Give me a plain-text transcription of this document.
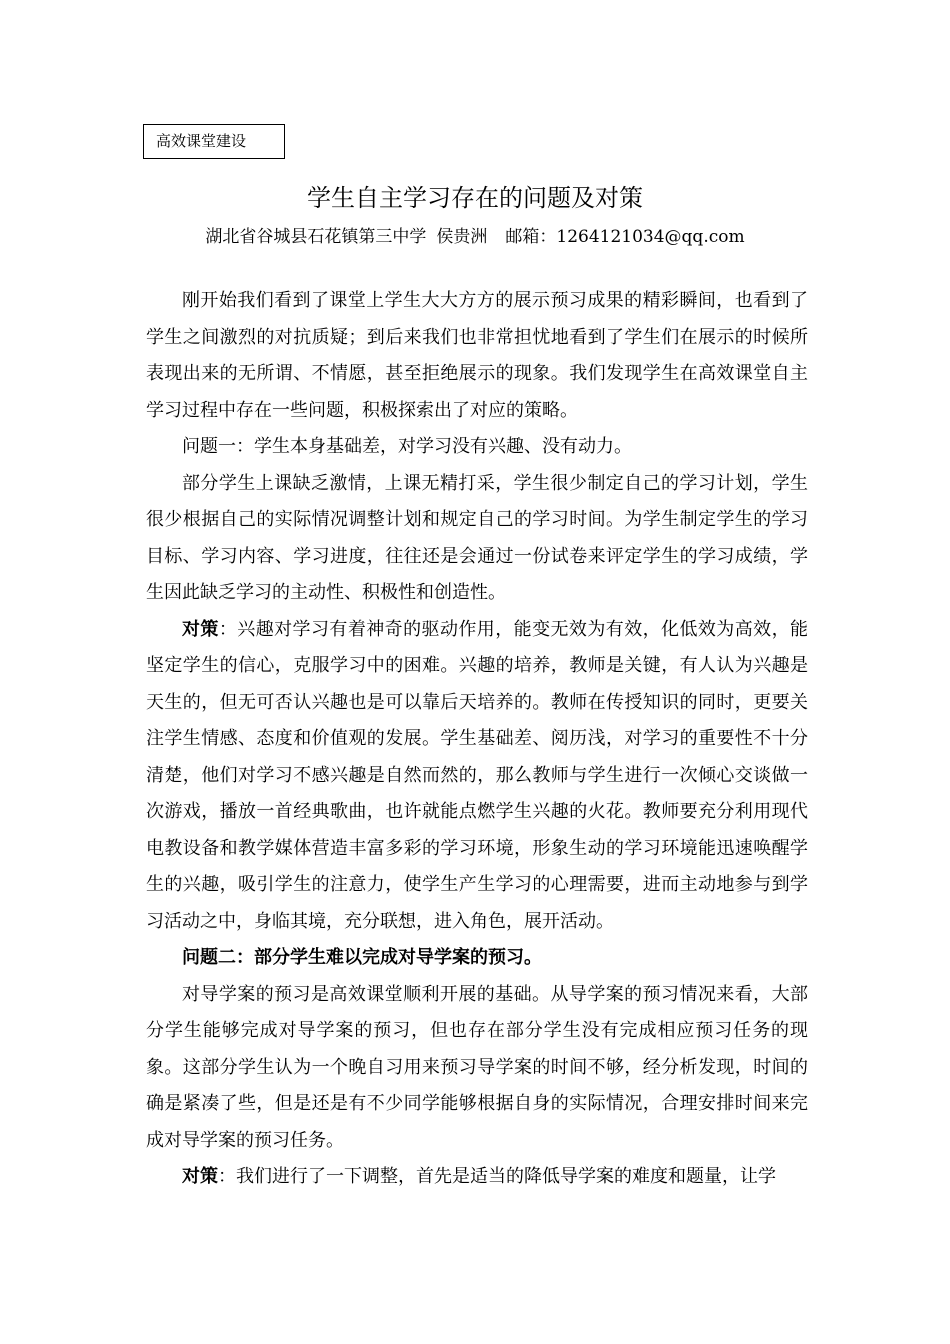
高效课堂建设
学生自主学习存在的问题及对策
湖北省谷城县石花镇第三中学 侯贵洲 邮箱：1264121034@qq.com

刚开始我们看到了课堂上学生大大方方的展示预习成果的精彩瞬间，也看到了学生之间激烈的对抗质疑；到后来我们也非常担忧地看到了学生们在展示的时候所表现出来的无所谓、不情愿，甚至拒绝展示的现象。我们发现学生在高效课堂自主学习过程中存在一些问题，积极探索出了对应的策略。

问题一：学生本身基础差，对学习没有兴趣、没有动力。

部分学生上课缺乏激情，上课无精打采，学生很少制定自己的学习计划，学生很少根据自己的实际情况调整计划和规定自己的学习时间。为学生制定学生的学习目标、学习内容、学习进度，往往还是会通过一份试卷来评定学生的学习成绩，学生因此缺乏学习的主动性、积极性和创造性。

对策：兴趣对学习有着神奇的驱动作用，能变无效为有效，化低效为高效，能坚定学生的信心，克服学习中的困难。兴趣的培养，教师是关键，有人认为兴趣是天生的，但无可否认兴趣也是可以靠后天培养的。教师在传授知识的同时，更要关注学生情感、态度和价值观的发展。学生基础差、阅历浅，对学习的重要性不十分清楚，他们对学习不感兴趣是自然而然的，那么教师与学生进行一次倾心交谈做一次游戏，播放一首经典歌曲，也许就能点燃学生兴趣的火花。教师要充分利用现代电教设备和教学媒体营造丰富多彩的学习环境，形象生动的学习环境能迅速唤醒学生的兴趣，吸引学生的注意力，使学生产生学习的心理需要，进而主动地参与到学习活动之中，身临其境，充分联想，进入角色，展开活动。

问题二：部分学生难以完成对导学案的预习。

对导学案的预习是高效课堂顺利开展的基础。从导学案的预习情况来看，大部分学生能够完成对导学案的预习，但也存在部分学生没有完成相应预习任务的现象。这部分学生认为一个晚自习用来预习导学案的时间不够，经分析发现，时间的确是紧凑了些，但是还是有不少同学能够根据自身的实际情况，合理安排时间来完成对导学案的预习任务。

对策：我们进行了一下调整，首先是适当的降低导学案的难度和题量，让学
